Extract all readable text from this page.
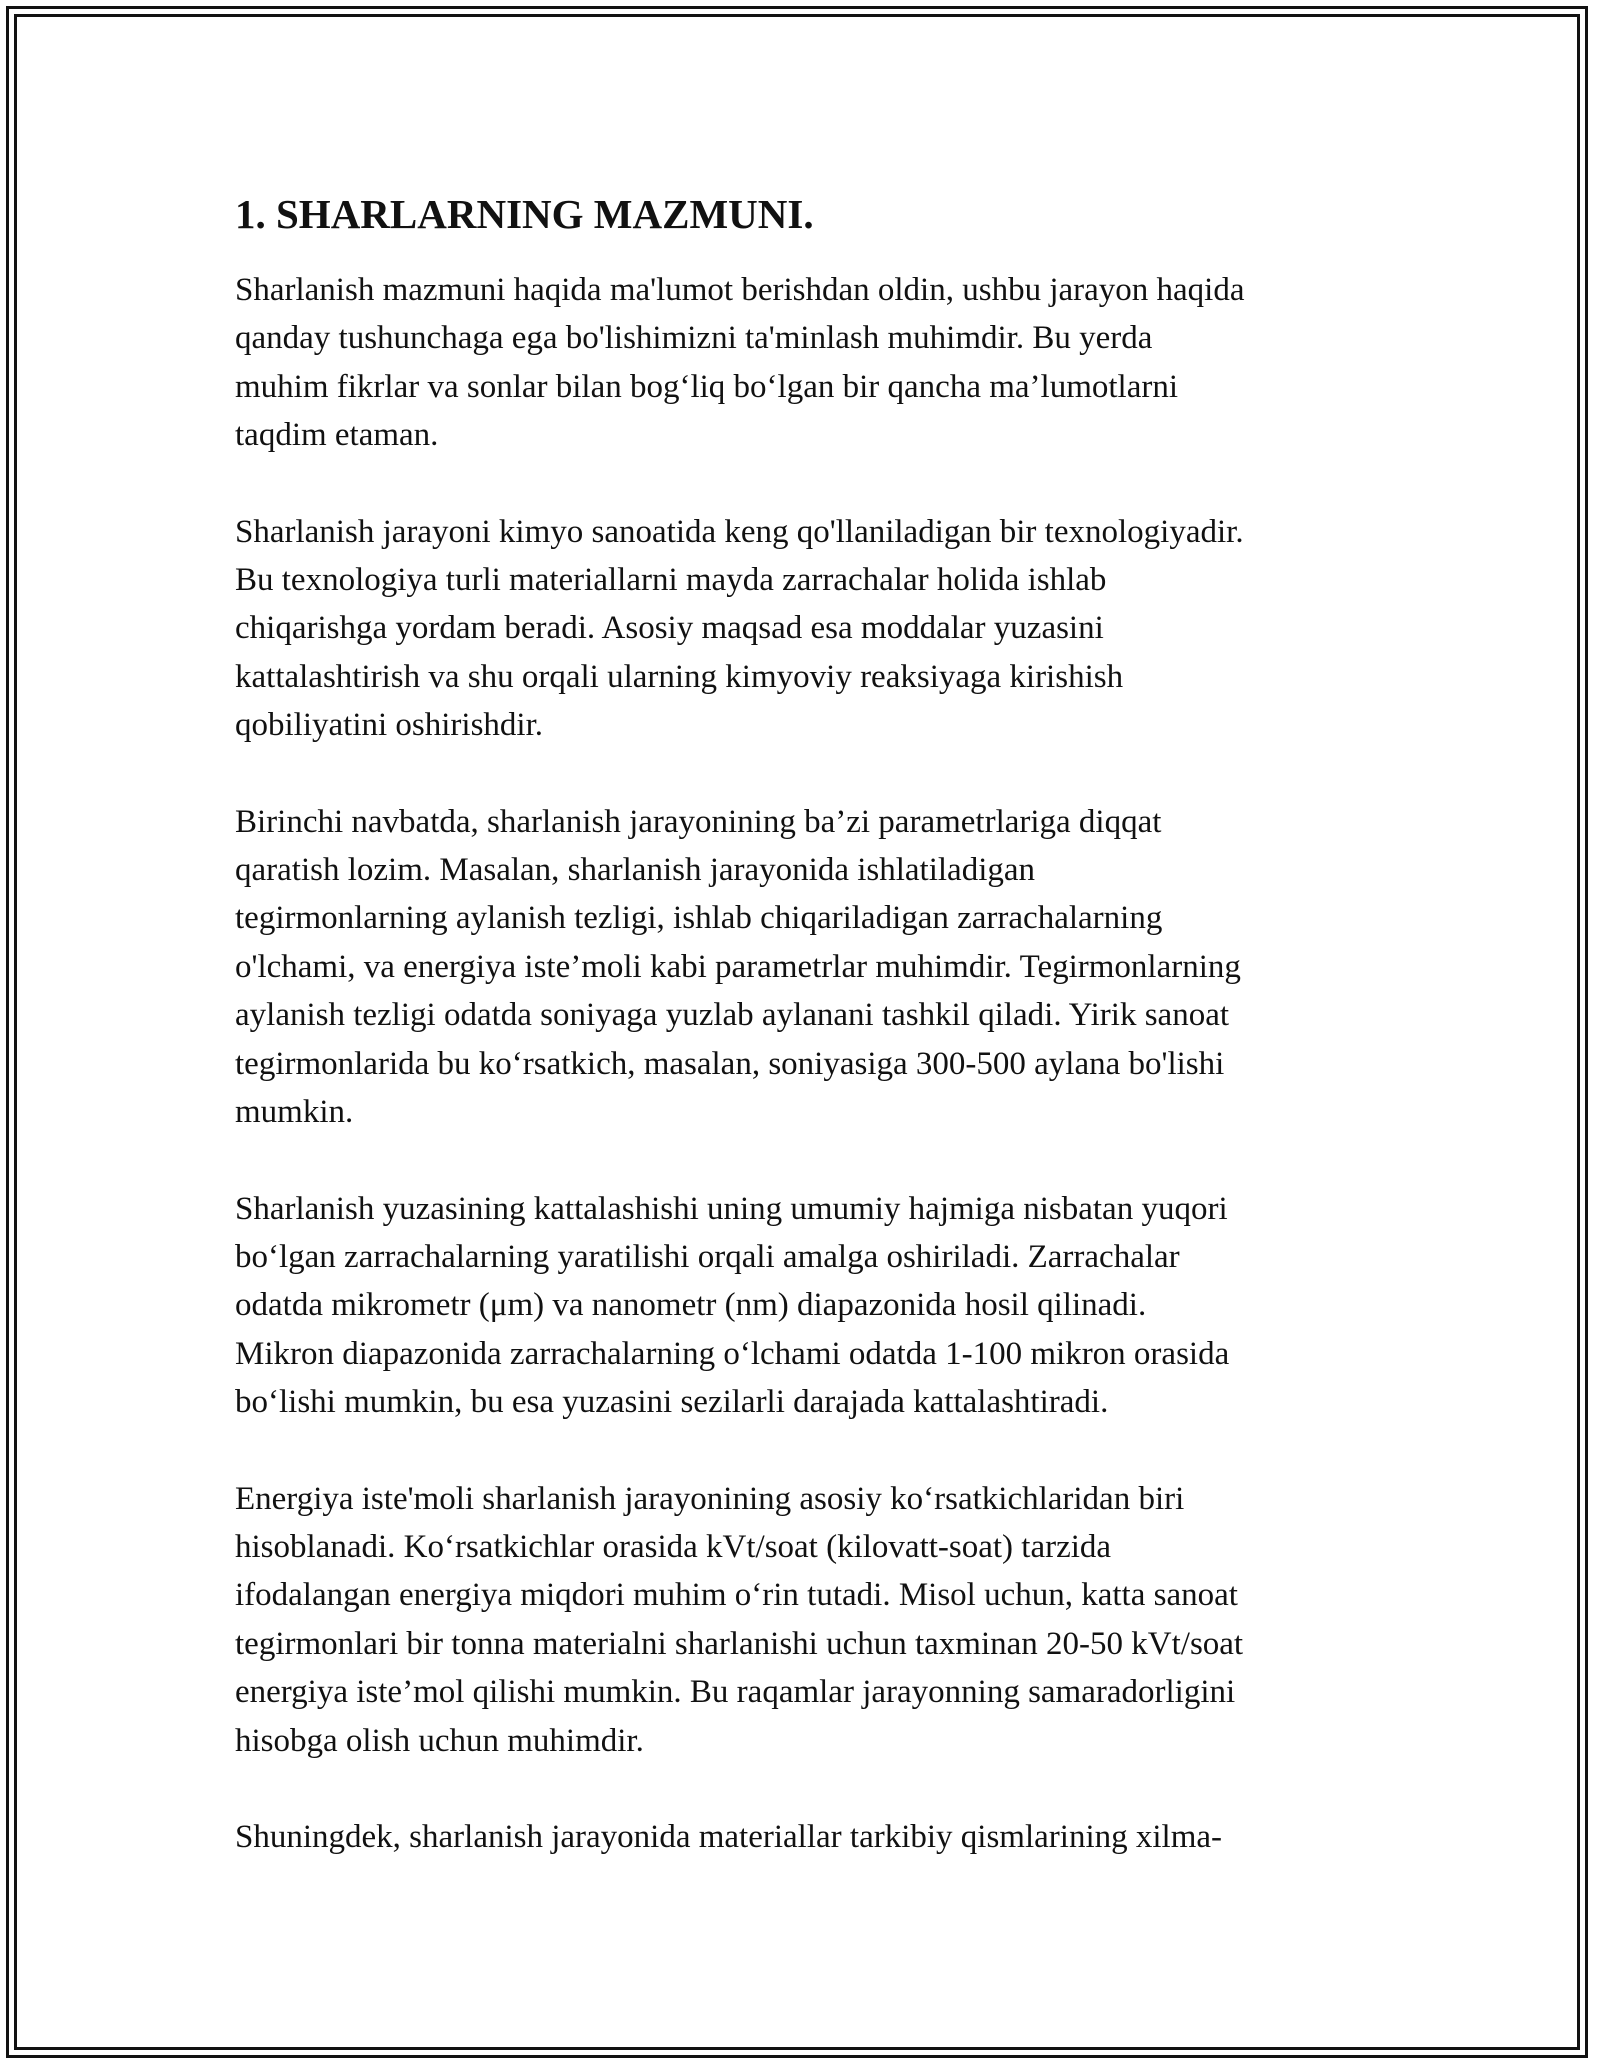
1. SHARLARNING MAZMUNI.

Sharlanish mazmuni haqida ma'lumot berishdan oldin, ushbu jarayon haqida
qanday tushunchaga ega bo'lishimizni ta'minlash muhimdir. Bu yerda
muhim fikrlar va sonlar bilan bog‘liq bo‘lgan bir qancha ma’lumotlarni
taqdim etaman.

Sharlanish jarayoni kimyo sanoatida keng qo'llaniladigan bir texnologiyadir.
Bu texnologiya turli materiallarni mayda zarrachalar holida ishlab
chiqarishga yordam beradi. Asosiy maqsad esa moddalar yuzasini
kattalashtirish va shu orqali ularning kimyoviy reaksiyaga kirishish
qobiliyatini oshirishdir.

Birinchi navbatda, sharlanish jarayonining ba’zi parametrlariga diqqat
qaratish lozim. Masalan, sharlanish jarayonida ishlatiladigan
tegirmonlarning aylanish tezligi, ishlab chiqariladigan zarrachalarning
o'lchami, va energiya iste’moli kabi parametrlar muhimdir. Tegirmonlarning
aylanish tezligi odatda soniyaga yuzlab aylanani tashkil qiladi. Yirik sanoat
tegirmonlarida bu ko‘rsatkich, masalan, soniyasiga 300-500 aylana bo'lishi
mumkin.

Sharlanish yuzasining kattalashishi uning umumiy hajmiga nisbatan yuqori
bo‘lgan zarrachalarning yaratilishi orqali amalga oshiriladi. Zarrachalar
odatda mikrometr (μm) va nanometr (nm) diapazonida hosil qilinadi.
Mikron diapazonida zarrachalarning o‘lchami odatda 1-100 mikron orasida
bo‘lishi mumkin, bu esa yuzasini sezilarli darajada kattalashtiradi.

Energiya iste'moli sharlanish jarayonining asosiy ko‘rsatkichlaridan biri
hisoblanadi. Ko‘rsatkichlar orasida kVt/soat (kilovatt-soat) tarzida
ifodalangan energiya miqdori muhim o‘rin tutadi. Misol uchun, katta sanoat
tegirmonlari bir tonna materialni sharlanishi uchun taxminan 20-50 kVt/soat
energiya iste’mol qilishi mumkin. Bu raqamlar jarayonning samaradorligini
hisobga olish uchun muhimdir.

Shuningdek, sharlanish jarayonida materiallar tarkibiy qismlarining xilma-
